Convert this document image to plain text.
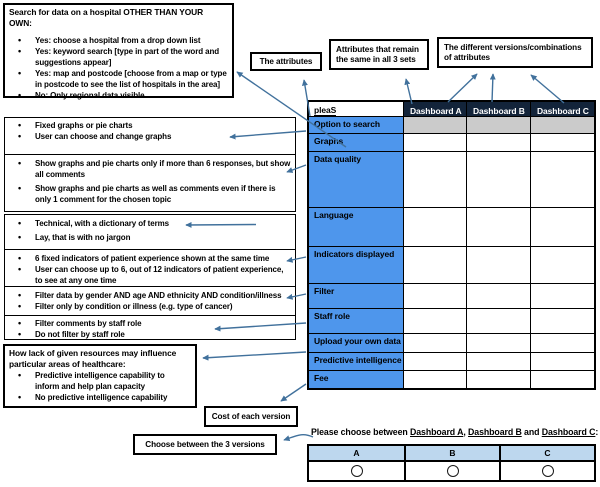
Search for data on a hospital OTHER THAN YOUR OWN:
• Yes: choose a hospital from a drop down list
• Yes: keyword search [type in part of the word and suggestions appear]
• Yes: map and postcode [choose from a map or type in postcode to see the list of hospitals in the area]
• No: Only regional data visible
The attributes
Attributes that remain the same in all 3 sets
The different versions/combinations of attributes
• Fixed graphs or pie charts
• User can choose and change graphs
• Show graphs and pie charts only if more than 6 responses, but show all comments
• Show graphs and pie charts as well as comments even if there is only 1 comment for the chosen topic
• Technical, with a dictionary of terms
• Lay, that is with no jargon
• 6 fixed indicators of patient experience shown at the same time
• User can choose up to 6, out of 12 indicators of patient experience, to see at any one time
• Filter data by gender AND age AND ethnicity AND condition/illness
• Filter only by condition or illness (e.g. type of cancer)
• Filter comments by staff role
• Do not filter by staff role
How lack of given resources may influence particular areas of healthcare:
• Predictive intelligence capability to inform and help plan capacity
• No predictive intelligence capability
Cost of each version
Choose between the 3 versions
pleaS	Dashboard A	Dashboard B	Dashboard C
Option to search
Graphs
Data quality
Language
Indicators displayed
Filter
Staff role
Upload your own data
Predictive intelligence
Fee
Please choose between Dashboard A, Dashboard B and Dashboard C:
A	B	C
